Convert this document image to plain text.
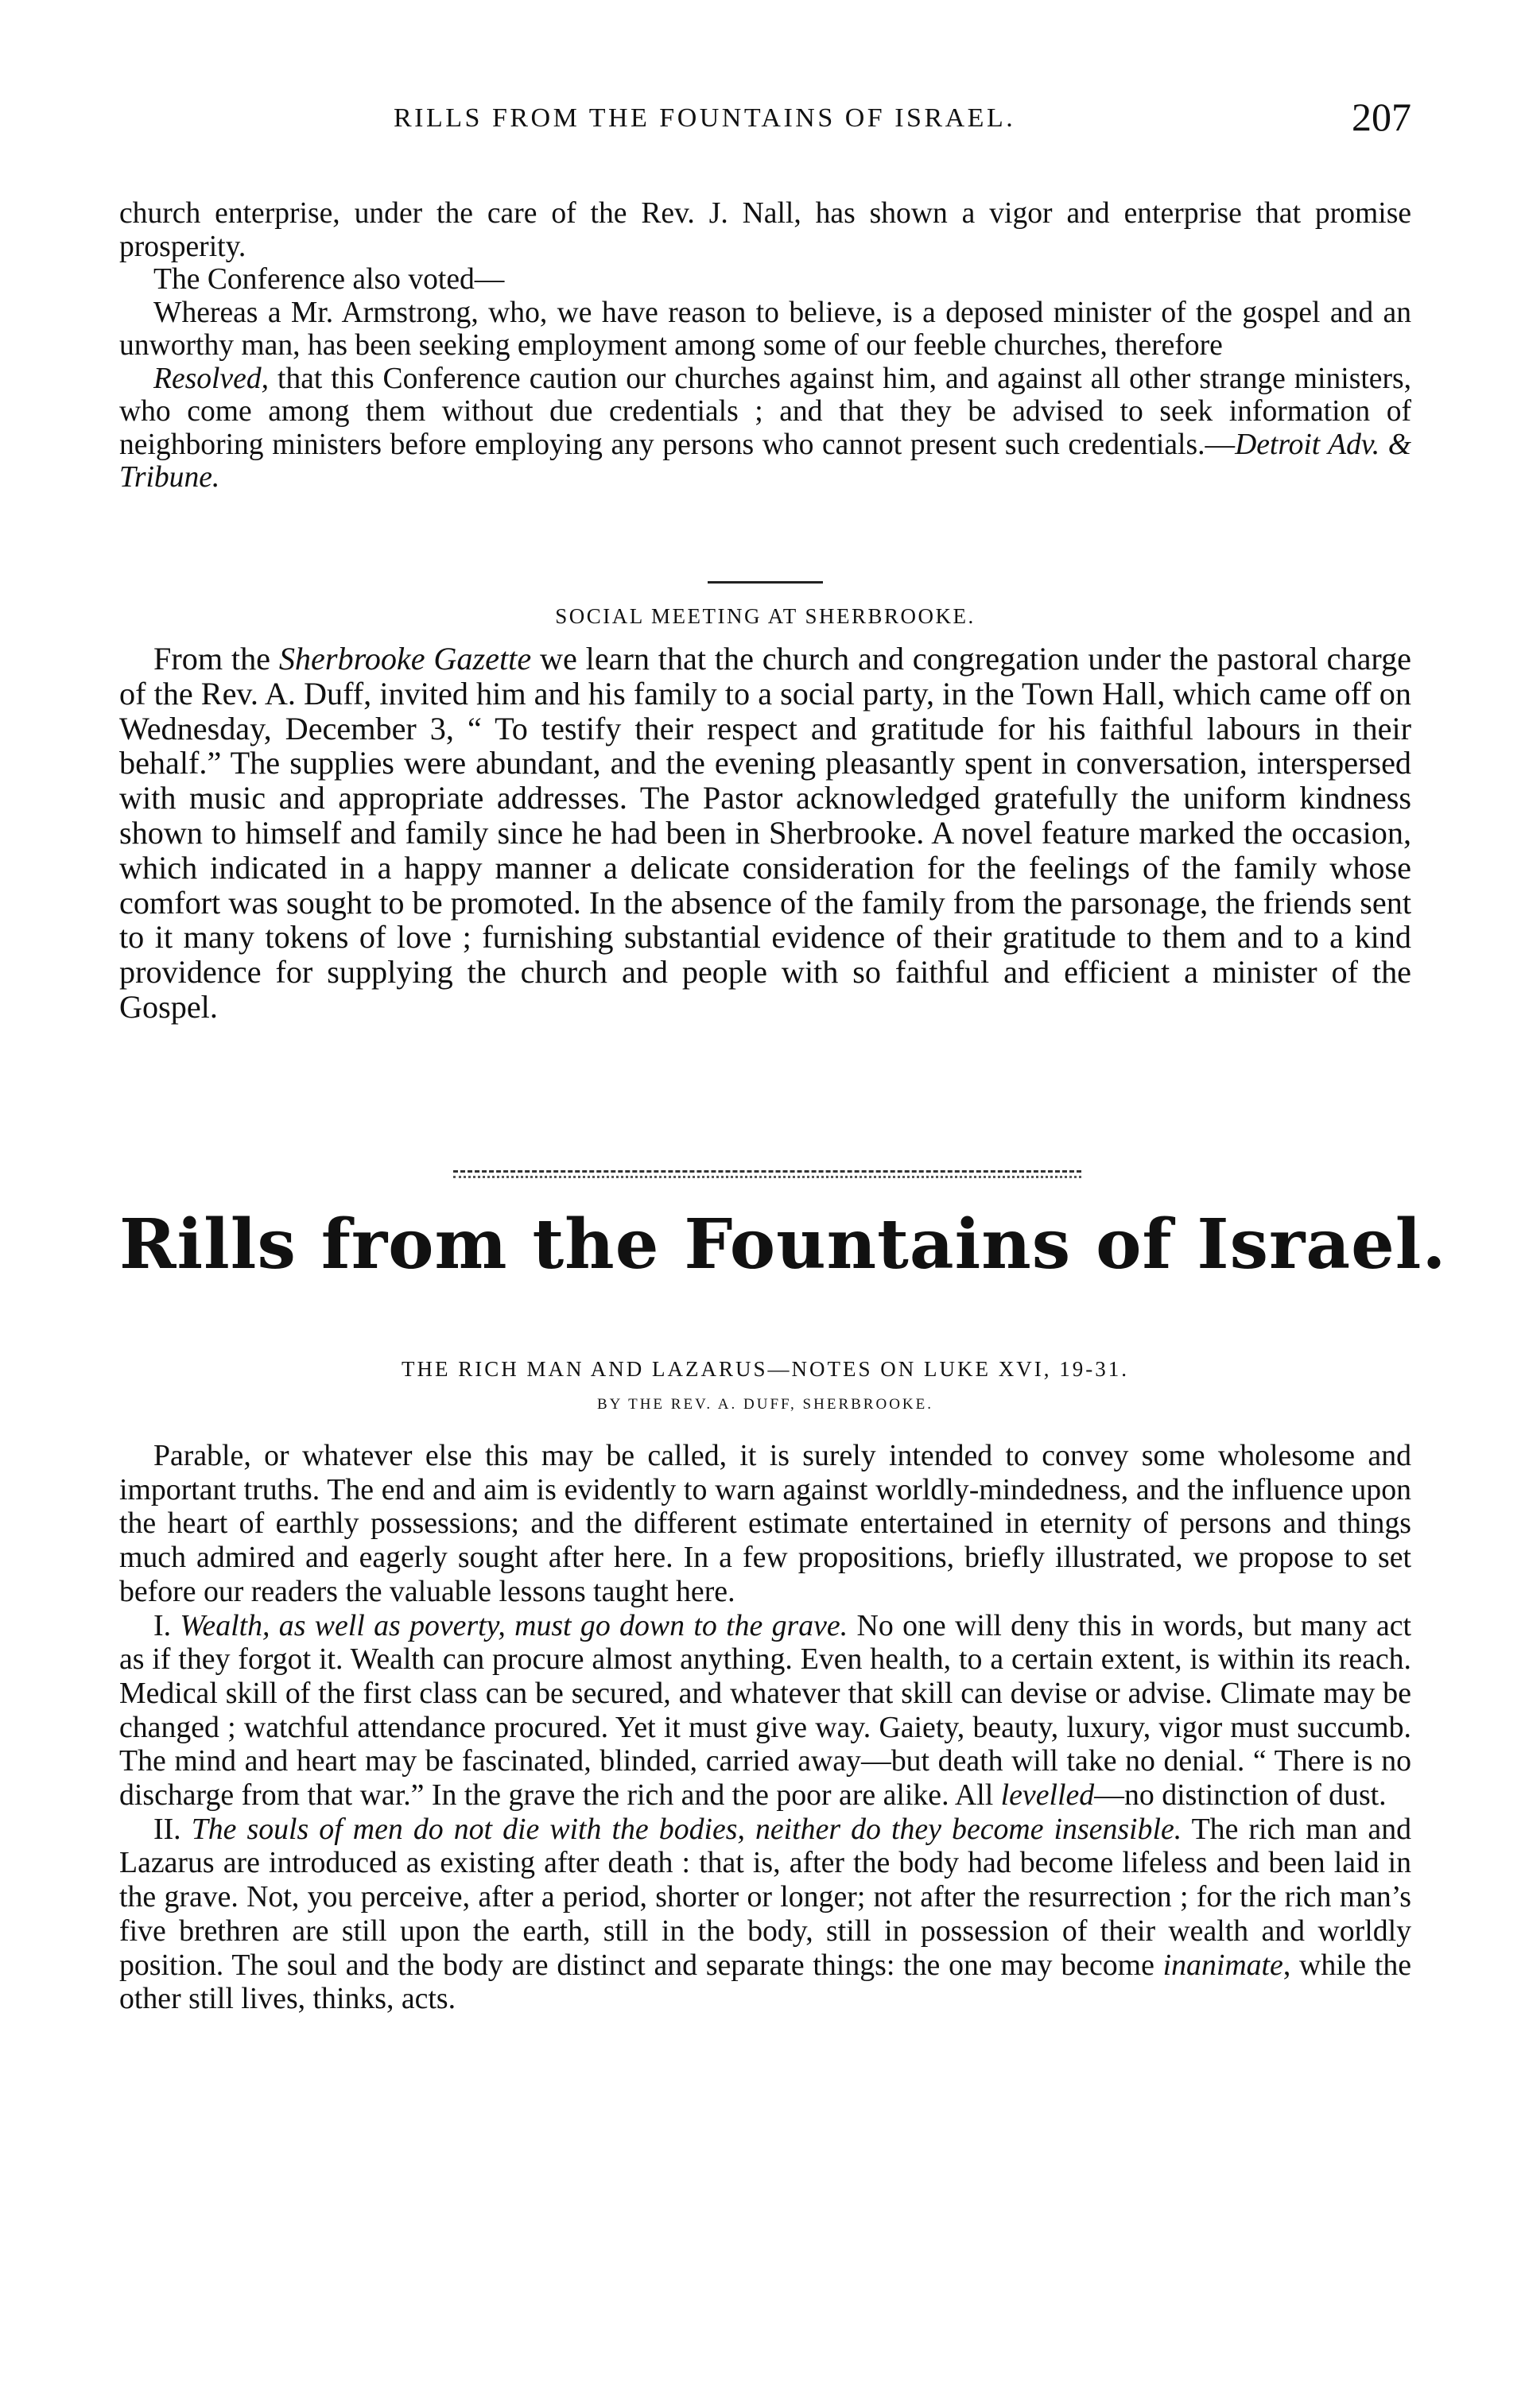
RILLS FROM THE FOUNTAINS OF ISRAEL.	207

church enterprise, under the care of the Rev. J. Nall, has shown a vigor and enterprise that promise prosperity.

The Conference also voted—

Whereas a Mr. Armstrong, who, we have reason to believe, is a deposed minister of the gospel and an unworthy man, has been seeking employment among some of our feeble churches, therefore

Resolved, that this Conference caution our churches against him, and against all other strange ministers, who come among them without due credentials ; and that they be advised to seek information of neighboring ministers before employing any persons who cannot present such credentials.—Detroit Adv. & Tribune.

SOCIAL MEETING AT SHERBROOKE.

From the Sherbrooke Gazette we learn that the church and congregation under the pastoral charge of the Rev. A. Duff, invited him and his family to a social party, in the Town Hall, which came off on Wednesday, December 3, “ To testify their respect and gratitude for his faithful labours in their behalf.” The supplies were abundant, and the evening pleasantly spent in conversation, interspersed with music and appropriate addresses. The Pastor acknowledged gratefully the uniform kindness shown to himself and family since he had been in Sherbrooke. A novel feature marked the occasion, which indicated in a happy manner a delicate consideration for the feelings of the family whose comfort was sought to be promoted. In the absence of the family from the parsonage, the friends sent to it many tokens of love ; furnishing substantial evidence of their gratitude to them and to a kind providence for supplying the church and people with so faithful and efficient a minister of the Gospel.

Rills from the Fountains of Israel.
THE RICH MAN AND LAZARUS—NOTES ON LUKE XVI, 19-31.
BY THE REV. A. DUFF, SHERBROOKE.

Parable, or whatever else this may be called, it is surely intended to convey some wholesome and important truths. The end and aim is evidently to warn against worldly-mindedness, and the influence upon the heart of earthly possessions; and the different estimate entertained in eternity of persons and things much admired and eagerly sought after here. In a few propositions, briefly illustrated, we propose to set before our readers the valuable lessons taught here.

I. Wealth, as well as poverty, must go down to the grave. No one will deny this in words, but many act as if they forgot it. Wealth can procure almost anything. Even health, to a certain extent, is within its reach. Medical skill of the first class can be secured, and whatever that skill can devise or advise. Climate may be changed ; watchful attendance procured. Yet it must give way. Gaiety, beauty, luxury, vigor must succumb. The mind and heart may be fascinated, blinded, carried away—but death will take no denial. “ There is no discharge from that war.” In the grave the rich and the poor are alike. All levelled—no distinction of dust.

II. The souls of men do not die with the bodies, neither do they become insensible. The rich man and Lazarus are introduced as existing after death : that is, after the body had become lifeless and been laid in the grave. Not, you perceive, after a period, shorter or longer; not after the resurrection ; for the rich man’s five brethren are still upon the earth, still in the body, still in possession of their wealth and worldly position. The soul and the body are distinct and separate things: the one may become inanimate, while the other still lives, thinks, acts.
